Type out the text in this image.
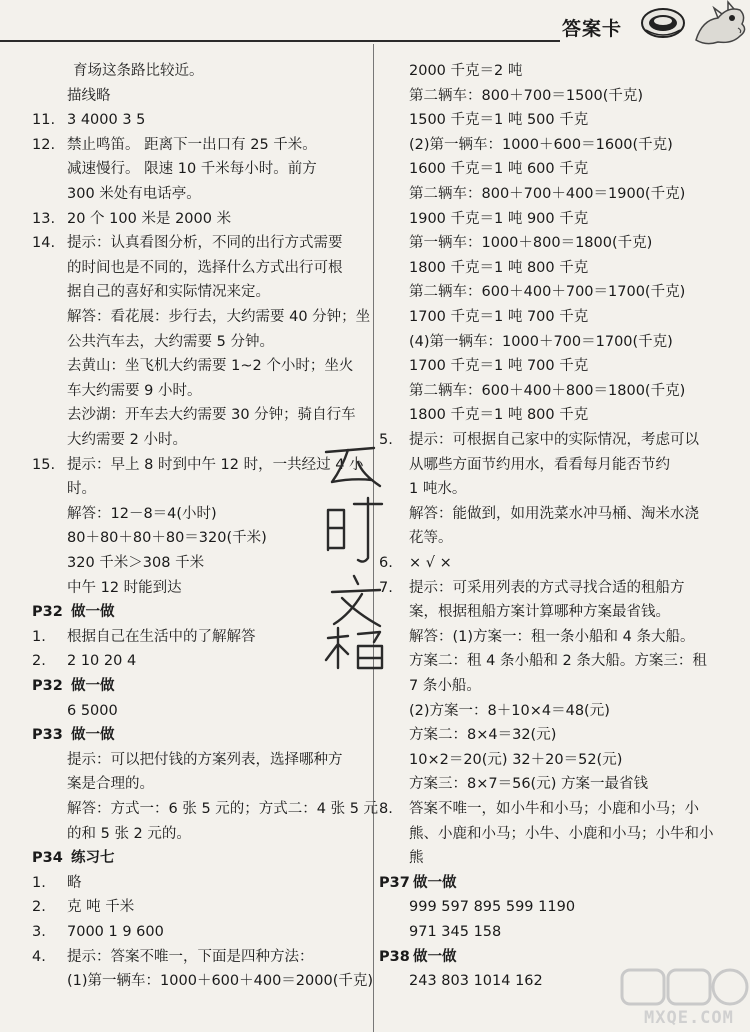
答案卡
育场这条路比较近。
描线略
11. 3 4000 3 5
12. 禁止鸣笛。 距离下一出口有 25 千米。
减速慢行。 限速 10 千米每小时。前方
300 米处有电话亭。
13. 20 个 100 米是 2000 米
14. 提示：认真看图分析，不同的出行方式需要
的时间也是不同的，选择什么方式出行可根
据自己的喜好和实际情况来定。
解答：看花展：步行去，大约需要 40 分钟；坐
公共汽车去，大约需要 5 分钟。
去黄山：坐飞机大约需要 1~2 个小时；坐火
车大约需要 9 小时。
去沙湖：开车去大约需要 30 分钟；骑自行车
大约需要 2 小时。
15. 提示：早上 8 时到中午 12 时，一共经过 4 小
时。
解答：12－8＝4(小时)
80＋80＋80＋80＝320(千米)
320 千米＞308 千米
中午 12 时能到达
P32 做一做
1. 根据自己在生活中的了解解答
2. 2 10 20 4
P32 做一做
6 5000
P33 做一做
提示：可以把付钱的方案列表，选择哪种方
案是合理的。
解答：方式一：6 张 5 元的；方式二：4 张 5 元
的和 5 张 2 元的。
P34 练习七
1. 略
2. 克 吨 千米
3. 7000 1 9 600
4. 提示：答案不唯一，下面是四种方法：
(1)第一辆车：1000＋600＋400＝2000(千克)
2000 千克＝2 吨
第二辆车：800＋700＝1500(千克)
1500 千克＝1 吨 500 千克
(2)第一辆车：1000＋600＝1600(千克)
1600 千克＝1 吨 600 千克
第二辆车：800＋700＋400＝1900(千克)
1900 千克＝1 吨 900 千克
第一辆车：1000＋800＝1800(千克)
1800 千克＝1 吨 800 千克
第二辆车：600＋400＋700＝1700(千克)
1700 千克＝1 吨 700 千克
(4)第一辆车：1000＋700＝1700(千克)
1700 千克＝1 吨 700 千克
第二辆车：600＋400＋800＝1800(千克)
1800 千克＝1 吨 800 千克
5. 提示：可根据自己家中的实际情况，考虑可以
从哪些方面节约用水，看看每月能否节约
1 吨水。
解答：能做到，如用洗菜水冲马桶、淘米水浇
花等。
6. × √ ×
7. 提示：可采用列表的方式寻找合适的租船方
案，根据租船方案计算哪种方案最省钱。
解答：(1)方案一：租一条小船和 4 条大船。
方案二：租 4 条小船和 2 条大船。方案三：租
7 条小船。
(2)方案一：8＋10×4＝48(元)
方案二：8×4＝32(元)
10×2＝20(元) 32＋20＝52(元)
方案三：8×7＝56(元) 方案一最省钱
8. 答案不唯一，如小牛和小马；小鹿和小马；小
熊、小鹿和小马；小牛、小鹿和小马；小牛和小
熊
P37 做一做
999 597 895 599 1190
971 345 158
P38 做一做
243 803 1014 162
MXQE.COM
